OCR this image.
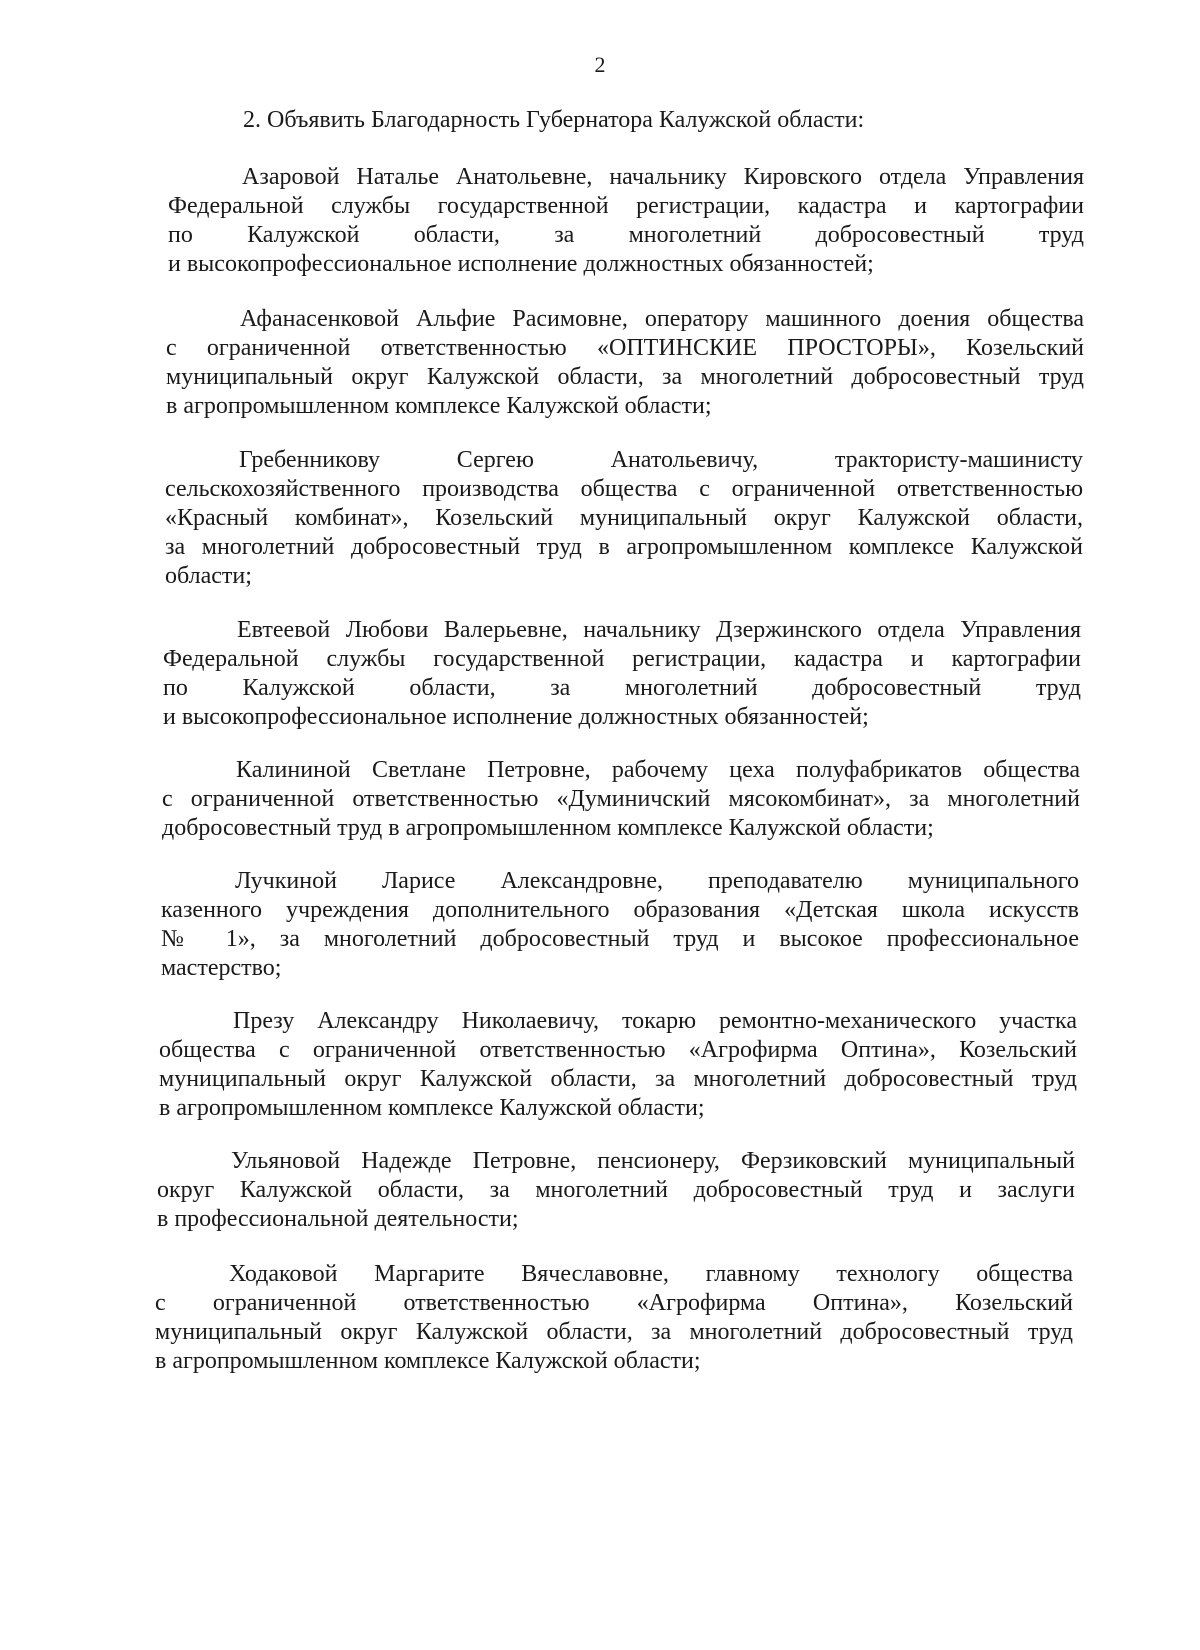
2
2. Объявить Благодарность Губернатора Калужской области:
Азаровой Наталье Анатольевне, начальнику Кировского отдела Управления
Федеральной службы государственной регистрации, кадастра и картографии
по Калужской области, за многолетний добросовестный труд
и высокопрофессиональное исполнение должностных обязанностей;
Афанасенковой Альфие Расимовне, оператору машинного доения общества
с ограниченной ответственностью «ОПТИНСКИЕ ПРОСТОРЫ», Козельский
муниципальный округ Калужской области, за многолетний добросовестный труд
в агропромышленном комплексе Калужской области;
Гребенникову Сергею Анатольевичу, трактористу-машинисту
сельскохозяйственного производства общества с ограниченной ответственностью
«Красный комбинат», Козельский муниципальный округ Калужской области,
за многолетний добросовестный труд в агропромышленном комплексе Калужской
области;
Евтеевой Любови Валерьевне, начальнику Дзержинского отдела Управления
Федеральной службы государственной регистрации, кадастра и картографии
по Калужской области, за многолетний добросовестный труд
и высокопрофессиональное исполнение должностных обязанностей;
Калининой Светлане Петровне, рабочему цеха полуфабрикатов общества
с ограниченной ответственностью «Думиничский мясокомбинат», за многолетний
добросовестный труд в агропромышленном комплексе Калужской области;
Лучкиной Ларисе Александровне, преподавателю муниципального
казенного учреждения дополнительного образования «Детская школа искусств
№ 1», за многолетний добросовестный труд и высокое профессиональное
мастерство;
Презу Александру Николаевичу, токарю ремонтно-механического участка
общества с ограниченной ответственностью «Агрофирма Оптина», Козельский
муниципальный округ Калужской области, за многолетний добросовестный труд
в агропромышленном комплексе Калужской области;
Ульяновой Надежде Петровне, пенсионеру, Ферзиковский муниципальный
округ Калужской области, за многолетний добросовестный труд и заслуги
в профессиональной деятельности;
Ходаковой Маргарите Вячеславовне, главному технологу общества
с ограниченной ответственностью «Агрофирма Оптина», Козельский
муниципальный округ Калужской области, за многолетний добросовестный труд
в агропромышленном комплексе Калужской области;
